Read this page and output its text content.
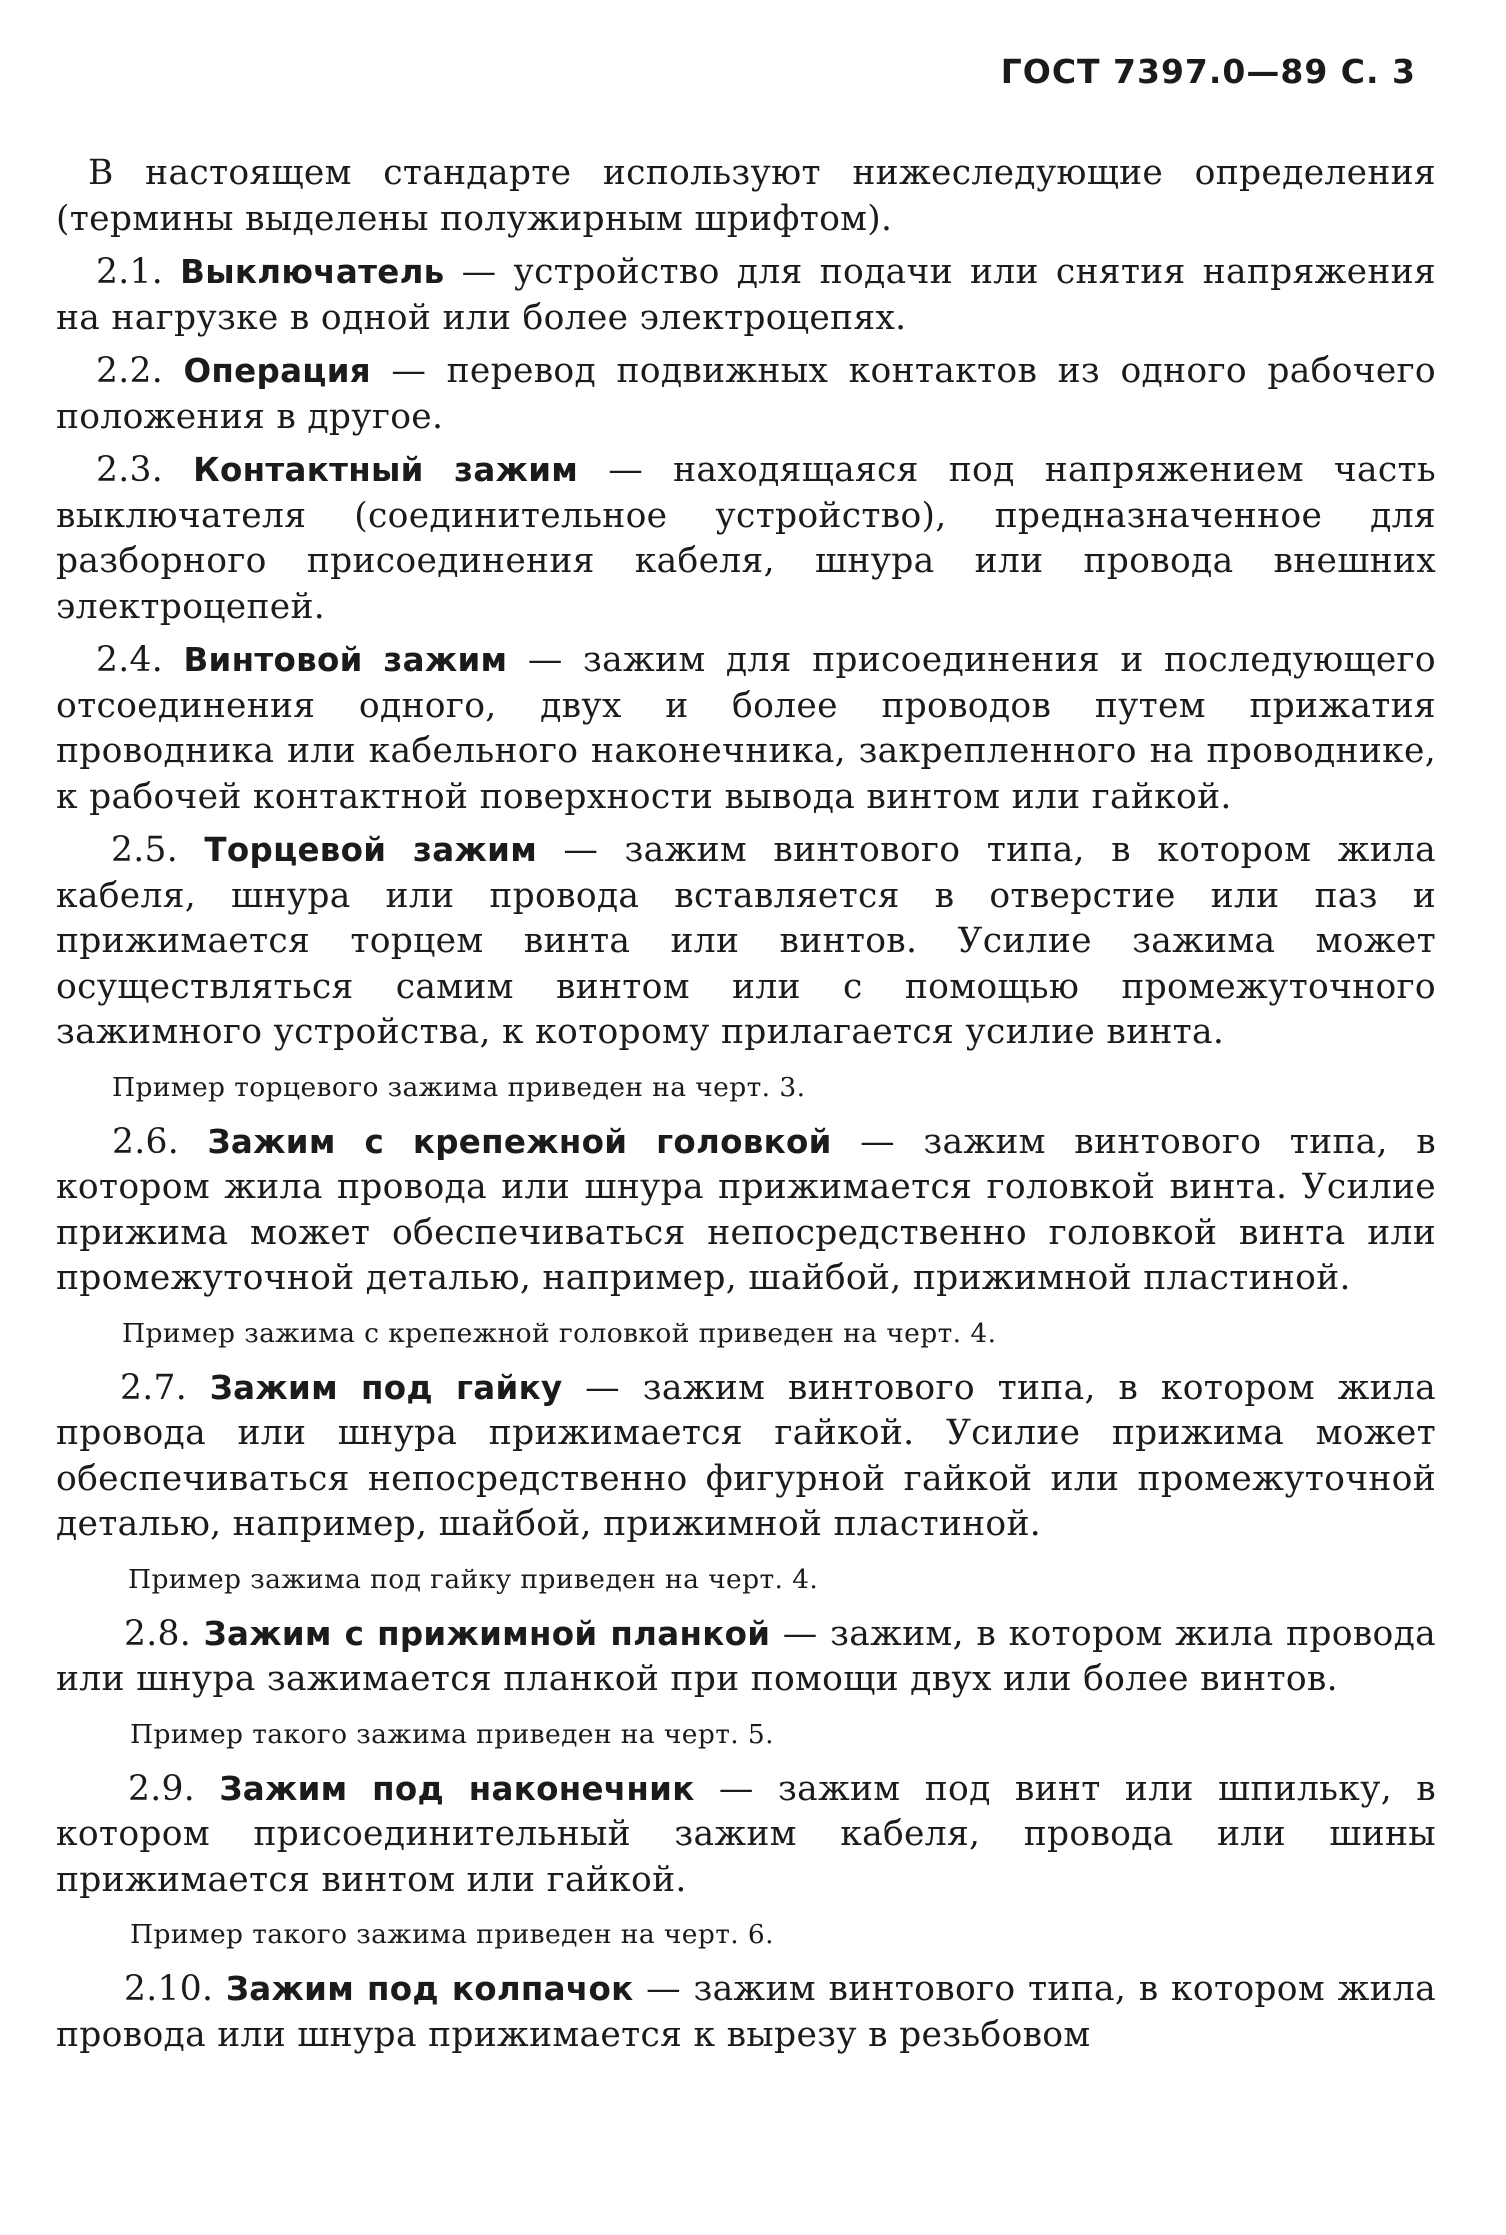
ГОСТ 7397.0—89 С. 3

В настоящем стандарте используют нижеследующие определения (термины выделены полужирным шрифтом).

2.1. Выключатель — устройство для подачи или снятия напряжения на нагрузке в одной или более электроцепях.

2.2. Операция — перевод подвижных контактов из одного рабочего положения в другое.

2.3. Контактный зажим — находящаяся под напряжением часть выключателя (соединительное устройство), предназначенное для разборного присоединения кабеля, шнура или провода внешних электроцепей.

2.4. Винтовой зажим — зажим для присоединения и последующего отсоединения одного, двух и более проводов путем прижатия проводника или кабельного наконечника, закрепленного на проводнике, к рабочей контактной поверхности вывода винтом или гайкой.

2.5. Торцевой зажим — зажим винтового типа, в котором жила кабеля, шнура или провода вставляется в отверстие или паз и прижимается торцем винта или винтов. Усилие зажима может осуществляться самим винтом или с помощью промежуточного зажимного устройства, к которому прилагается усилие винта.

Пример торцевого зажима приведен на черт. 3.

2.6. Зажим с крепежной головкой — зажим винтового типа, в котором жила провода или шнура прижимается головкой винта. Усилие прижима может обеспечиваться непосредственно головкой винта или промежуточной деталью, например, шайбой, прижимной пластиной.

Пример зажима с крепежной головкой приведен на черт. 4.

2.7. Зажим под гайку — зажим винтового типа, в котором жила провода или шнура прижимается гайкой. Усилие прижима может обеспечиваться непосредственно фигурной гайкой или промежуточной деталью, например, шайбой, прижимной пластиной.

Пример зажима под гайку приведен на черт. 4.

2.8. Зажим с прижимной планкой — зажим, в котором жила провода или шнура зажимается планкой при помощи двух или более винтов.

Пример такого зажима приведен на черт. 5.

2.9. Зажим под наконечник — зажим под винт или шпильку, в котором присоединительный зажим кабеля, провода или шины прижимается винтом или гайкой.

Пример такого зажима приведен на черт. 6.

2.10. Зажим под колпачок — зажим винтового типа, в котором жила провода или шнура прижимается к вырезу в резьбовом
